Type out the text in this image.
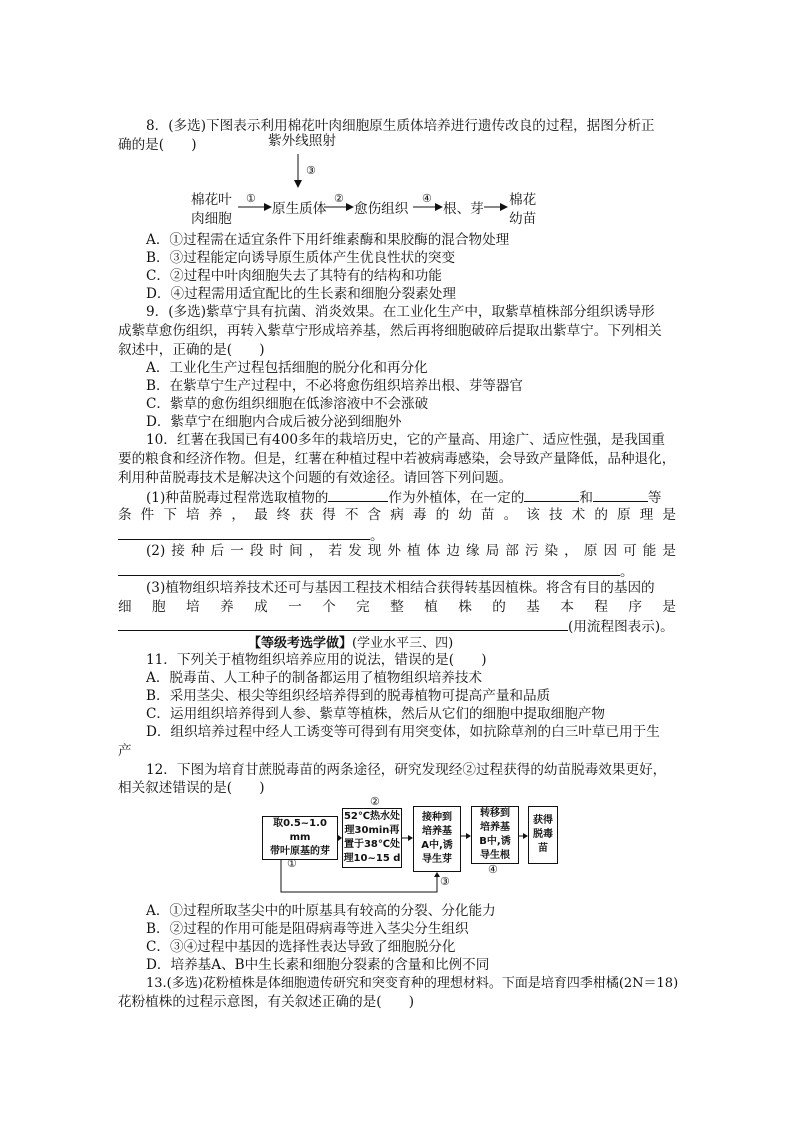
8．(多选)下图表示利用棉花叶肉细胞原生质体培养进行遗传改良的过程，据图分析正
确的是(　　)	紫外线照射
③
棉花叶
肉细胞
①
原生质体
②
愈伤组织
④
根、芽
棉花
幼苗
A．①过程需在适宜条件下用纤维素酶和果胶酶的混合物处理
B．③过程能定向诱导原生质体产生优良性状的突变
C．②过程中叶肉细胞失去了其特有的结构和功能
D．④过程需用适宜配比的生长素和细胞分裂素处理
9．(多选)紫草宁具有抗菌、消炎效果。在工业化生产中，取紫草植株部分组织诱导形
成紫草愈伤组织，再转入紫草宁形成培养基，然后再将细胞破碎后提取出紫草宁。下列相关
叙述中，正确的是(　　)
A．工业化生产过程包括细胞的脱分化和再分化
B．在紫草宁生产过程中，不必将愈伤组织培养出根、芽等器官
C．紫草的愈伤组织细胞在低渗溶液中不会涨破
D．紫草宁在细胞内合成后被分泌到细胞外
10．红薯在我国已有400多年的栽培历史，它的产量高、用途广、适应性强，是我国重
要的粮食和经济作物。但是，红薯在种植过程中若被病毒感染，会导致产量降低，品种退化，
利用种苗脱毒技术是解决这个问题的有效途径。请回答下列问题。
(1)种苗脱毒过程常选取植物的	作为外植体，在一定的	和	等
条件下培养，最终获得不含病毒的幼苗。该技术的原理是
。
(2)接种后一段时间，若发现外植体边缘局部污染，原因可能是
。
(3)植物组织培养技术还可与基因工程技术相结合获得转基因植株。将含有目的基因的
细胞培养成一个完整植株的基本程序是
(用流程图表示)。
【等级考选学做】(学业水平三、四)
11．下列关于植物组织培养应用的说法，错误的是(　　)
A．脱毒苗、人工种子的制备都运用了植物组织培养技术
B．采用茎尖、根尖等组织经培养得到的脱毒植物可提高产量和品质
C．运用组织培养得到人参、紫草等植株，然后从它们的细胞中提取细胞产物
D．组织培养过程中经人工诱变等可得到有用突变体，如抗除草剂的白三叶草已用于生
产
12．下图为培育甘蔗脱毒苗的两条途径，研究发现经②过程获得的幼苗脱毒效果更好，
相关叙述错误的是(　　)
②
取0.5~1.0 mm
带叶原基的芽
52℃热水处
理30min再
置于38℃处
理10~15 d
接种到
培养基
A中,诱
导生芽
转移到
培养基
B中,诱
导生根
获得
脱毒
苗
①
③
④
A．①过程所取茎尖中的叶原基具有较高的分裂、分化能力
B．②过程的作用可能是阻碍病毒等进入茎尖分生组织
C．③④过程中基因的选择性表达导致了细胞脱分化
D．培养基A、B中生长素和细胞分裂素的含量和比例不同
13.(多选)花粉植株是体细胞遗传研究和突变育种的理想材料。下面是培育四季柑橘(2N＝18)
花粉植株的过程示意图，有关叙述正确的是(　　)
